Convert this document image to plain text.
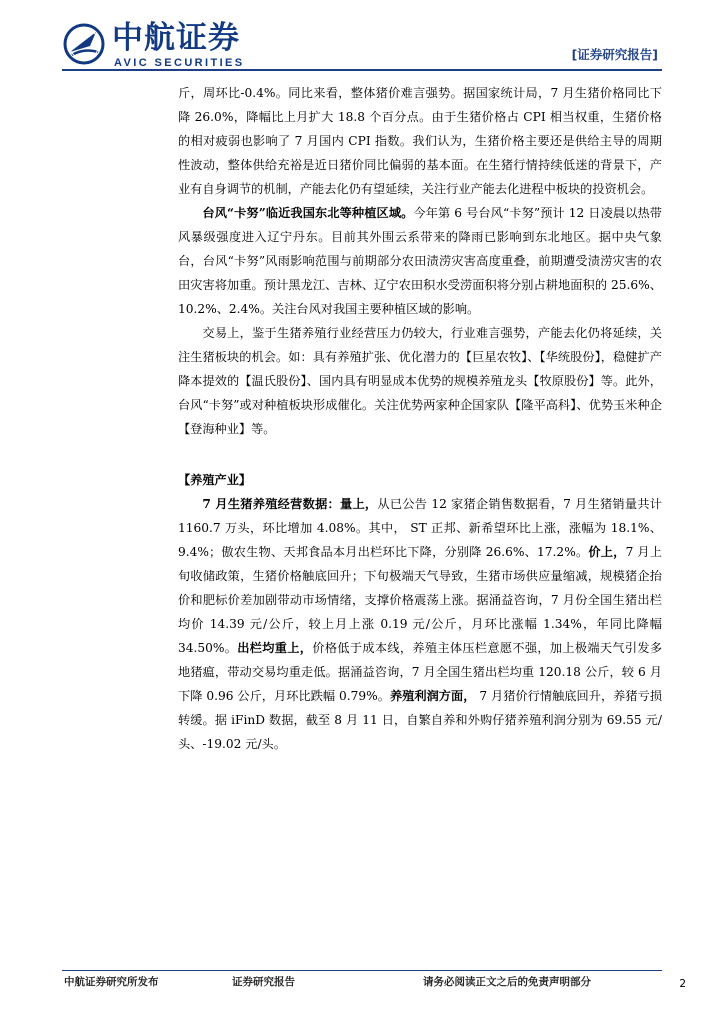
中航证券
AVIC SECURITIES
[证券研究报告]

斤，周环比-0.4%。同比来看，整体猪价难言强势。据国家统计局，7 月生猪价格同比下降 26.0%，降幅比上月扩大 18.8 个百分点。由于生猪价格占 CPI 相当权重，生猪价格的相对疲弱也影响了 7 月国内 CPI 指数。我们认为，生猪价格主要还是供给主导的周期性波动，整体供给充裕是近日猪价同比偏弱的基本面。在生猪行情持续低迷的背景下，产业有自身调节的机制，产能去化仍有望延续，关注行业产能去化进程中板块的投资机会。

台风“卡努”临近我国东北等种植区域。今年第 6 号台风“卡努”预计 12 日凌晨以热带风暴级强度进入辽宁丹东。目前其外围云系带来的降雨已影响到东北地区。据中央气象台，台风“卡努”风雨影响范围与前期部分农田渍涝灾害高度重叠，前期遭受渍涝灾害的农田灾害将加重。预计黑龙江、吉林、辽宁农田积水受涝面积将分别占耕地面积的 25.6%、10.2%、2.4%。关注台风对我国主要种植区域的影响。

交易上，鉴于生猪养殖行业经营压力仍较大，行业难言强势，产能去化仍将延续，关注生猪板块的机会。如：具有养殖扩张、优化潜力的【巨星农牧】、【华统股份】，稳健扩产降本提效的【温氏股份】、国内具有明显成本优势的规模养殖龙头【牧原股份】等。此外，台风“卡努”或对种植板块形成催化。关注优势两家种企国家队【隆平高科】、优势玉米种企【登海种业】等。

【养殖产业】

7 月生猪养殖经营数据：量上，从已公告 12 家猪企销售数据看，7 月生猪销量共计 1160.7 万头，环比增加 4.08%。其中， ST 正邦、新希望环比上涨，涨幅为 18.1%、9.4%；傲农生物、天邦食品本月出栏环比下降，分别降 26.6%、17.2%。价上，7 月上旬收储政策，生猪价格触底回升；下旬极端天气导致，生猪市场供应量缩减，规模猪企抬价和肥标价差加剧带动市场情绪，支撑价格震荡上涨。据涌益咨询，7 月份全国生猪出栏均价 14.39 元/公斤，较上月上涨 0.19 元/公斤，月环比涨幅 1.34%，年同比降幅 34.50%。出栏均重上，价格低于成本线，养殖主体压栏意愿不强，加上极端天气引发多地猪瘟，带动交易均重走低。据涌益咨询，7 月全国生猪出栏均重 120.18 公斤，较 6 月下降 0.96 公斤，月环比跌幅 0.79%。养殖利润方面， 7 月猪价行情触底回升，养猪亏损转缓。据 iFinD 数据，截至 8 月 11 日，自繁自养和外购仔猪养殖利润分别为 69.55 元/头、-19.02 元/头。

中航证券研究所发布	证券研究报告	请务必阅读正文之后的免责声明部分	2
